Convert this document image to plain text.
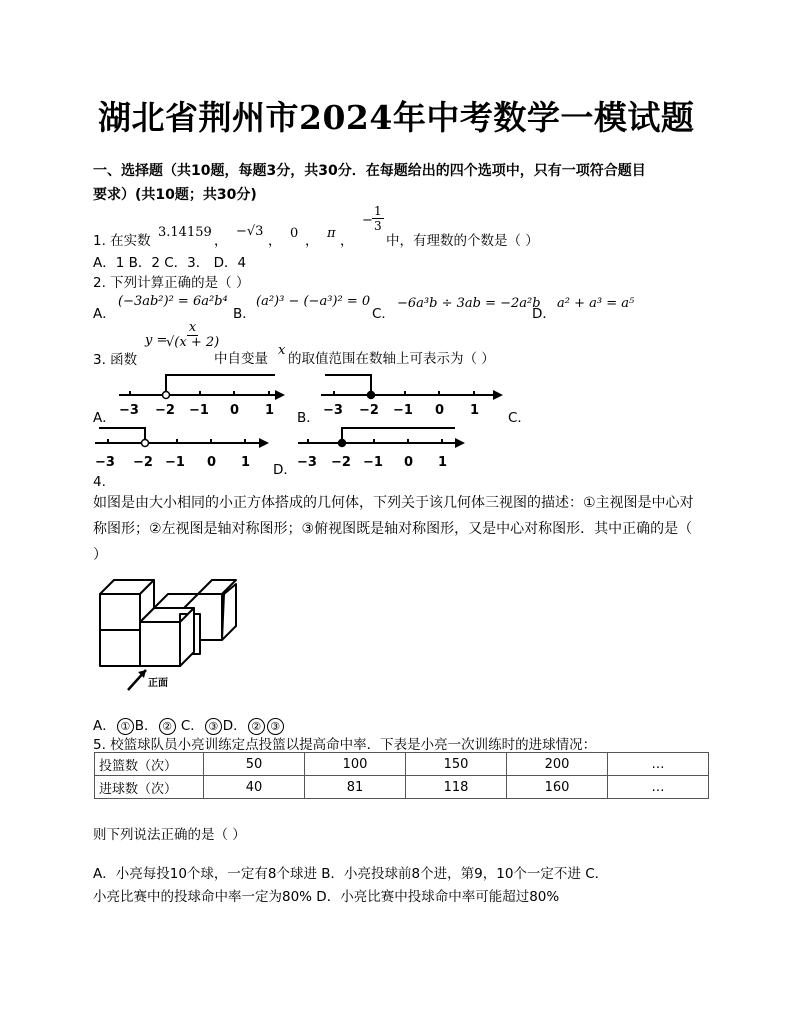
湖北省荆州市2024年中考数学一模试题
一、选择题（共10题，每题3分，共30分．在每题给出的四个选项中，只有一项符合题目
要求）(共10题；共30分)
1. 在实数
3.14159
，
−√3
， 0 ， π ，
− $\frac{1}{3}$
中，有理数的个数是（ ）
A．1 B．2 C．3． D．4
2. 下列计算正确的是（ ）
A．
(−3ab²)² = 6a²b⁴
B．
(a²)³ − (−a³)² = 0
C．
−6a³b ÷ 3ab = −2a²b
D．
a² + a³ = a⁵
3. 函数
y =
$\frac{x}{√(x + 2)}$
中自变量
x
的取值范围在数轴上可表示为（ ）
−3 −2 −1 0 1	−3 −2 −1 0 1
−3 −2 −1 0 1	−3 −2 −1 0 1
A．	B．	C．
D．
4.
如图是由大小相同的小正方体搭成的几何体，下列关于该几何体三视图的描述：①主视图是中心对称图形；②左视图是轴对称图形；③俯视图既是轴对称图形，又是中心对称图形．其中正确的是（ ）
正面
A． ① B． ② C． ③ D． ② ③
5. 校篮球队员小亮训练定点投篮以提高命中率．下表是小亮一次训练时的进球情况：
投篮数（次）	50	100	150	200	…
进球数（次）	40	81	118	160	…
则下列说法正确的是（ ）
A．小亮每投10个球，一定有8个球进 B．小亮投球前8个进，第9，10个一定不进 C．
小亮比赛中的投球命中率一定为80% D．小亮比赛中投球命中率可能超过80%
